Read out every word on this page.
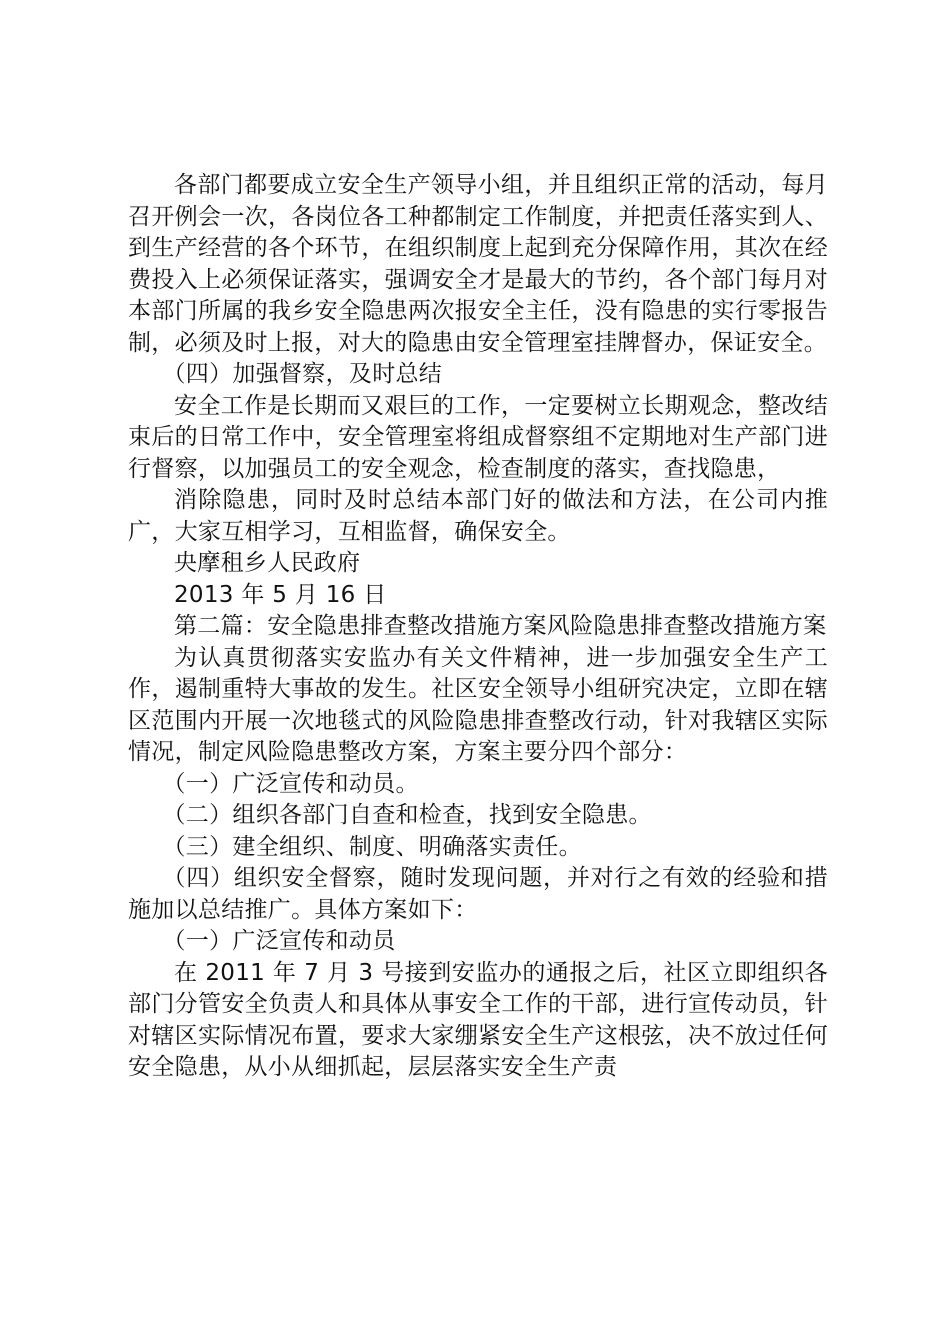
各部门都要成立安全生产领导小组，并且组织正常的活动，每月召开例会一次，各岗位各工种都制定工作制度，并把责任落实到人、到生产经营的各个环节，在组织制度上起到充分保障作用，其次在经费投入上必须保证落实，强调安全才是最大的节约，各个部门每月对本部门所属的我乡安全隐患两次报安全主任，没有隐患的实行零报告制，必须及时上报，对大的隐患由安全管理室挂牌督办，保证安全。

（四）加强督察，及时总结

安全工作是长期而又艰巨的工作，一定要树立长期观念，整改结束后的日常工作中，安全管理室将组成督察组不定期地对生产部门进行督察，以加强员工的安全观念，检查制度的落实，查找隐患，

消除隐患，同时及时总结本部门好的做法和方法，在公司内推广，大家互相学习，互相监督，确保安全。

央摩租乡人民政府

2013 年 5 月 16 日

第二篇：安全隐患排查整改措施方案风险隐患排查整改措施方案

为认真贯彻落实安监办有关文件精神，进一步加强安全生产工作，遏制重特大事故的发生。社区安全领导小组研究决定，立即在辖区范围内开展一次地毯式的风险隐患排查整改行动，针对我辖区实际情况，制定风险隐患整改方案，方案主要分四个部分：

（一）广泛宣传和动员。

（二）组织各部门自查和检查，找到安全隐患。

（三）建全组织、制度、明确落实责任。

（四）组织安全督察，随时发现问题，并对行之有效的经验和措施加以总结推广。具体方案如下：

（一）广泛宣传和动员

在 2011 年 7 月 3 号接到安监办的通报之后，社区立即组织各部门分管安全负责人和具体从事安全工作的干部，进行宣传动员，针对辖区实际情况布置，要求大家绷紧安全生产这根弦，决不放过任何安全隐患，从小从细抓起，层层落实安全生产责
